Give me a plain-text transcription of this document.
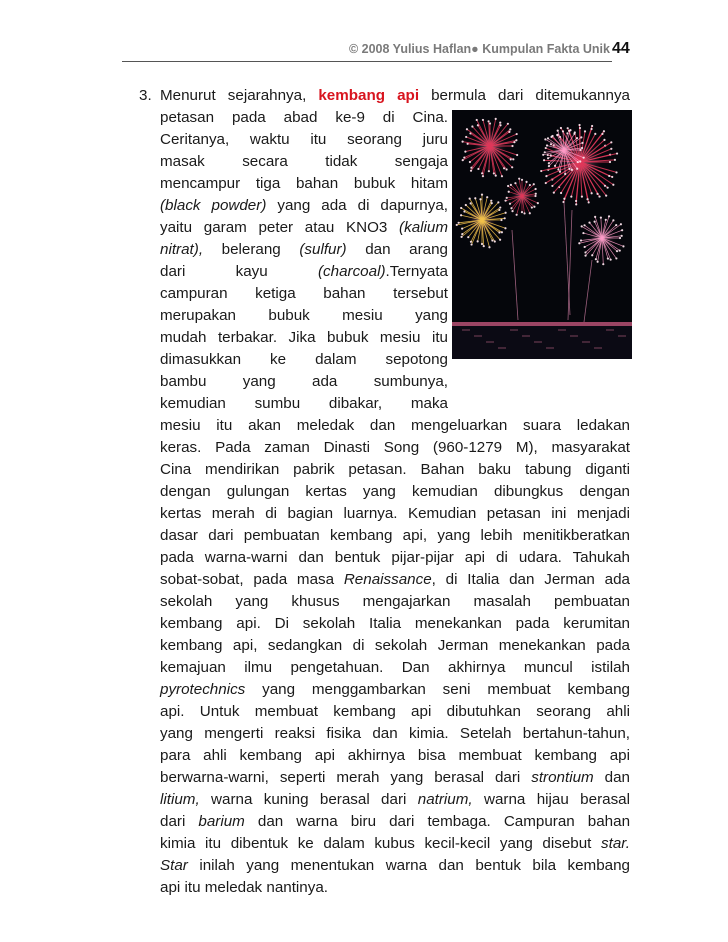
© 2008 Yulius Haflan● Kumpulan Fakta Unik 44
3. Menurut sejarahnya, kembang api bermula dari ditemukannya
petasan pada abad ke-9 di Cina.
Ceritanya, waktu itu seorang juru
masak secara tidak sengaja
mencampur tiga bahan bubuk hitam
(black powder) yang ada di dapurnya,
yaitu garam peter atau KNO3 (kalium
nitrat), belerang (sulfur) dan arang
dari kayu (charcoal).Ternyata
campuran ketiga bahan tersebut
merupakan bubuk mesiu yang
mudah terbakar. Jika bubuk mesiu itu
dimasukkan ke dalam sepotong
bambu yang ada sumbunya,
kemudian sumbu dibakar, maka
mesiu itu akan meledak dan mengeluarkan suara ledakan
keras. Pada zaman Dinasti Song (960-1279 M), masyarakat
Cina mendirikan pabrik petasan. Bahan baku tabung diganti
dengan gulungan kertas yang kemudian dibungkus dengan
kertas merah di bagian luarnya. Kemudian petasan ini menjadi
dasar dari pembuatan kembang api, yang lebih menitikberatkan
pada warna-warni dan bentuk pijar-pijar api di udara. Tahukah
sobat-sobat, pada masa Renaissance, di Italia dan Jerman ada
sekolah yang khusus mengajarkan masalah pembuatan
kembang api. Di sekolah Italia menekankan pada kerumitan
kembang api, sedangkan di sekolah Jerman menekankan pada
kemajuan ilmu pengetahuan. Dan akhirnya muncul istilah
pyrotechnics yang menggambarkan seni membuat kembang
api. Untuk membuat kembang api dibutuhkan seorang ahli
yang mengerti reaksi fisika dan kimia. Setelah bertahun-tahun,
para ahli kembang api akhirnya bisa membuat kembang api
berwarna-warni, seperti merah yang berasal dari strontium dan
litium, warna kuning berasal dari natrium, warna hijau berasal
dari barium dan warna biru dari tembaga. Campuran bahan
kimia itu dibentuk ke dalam kubus kecil-kecil yang disebut star.
Star inilah yang menentukan warna dan bentuk bila kembang
api itu meledak nantinya.
